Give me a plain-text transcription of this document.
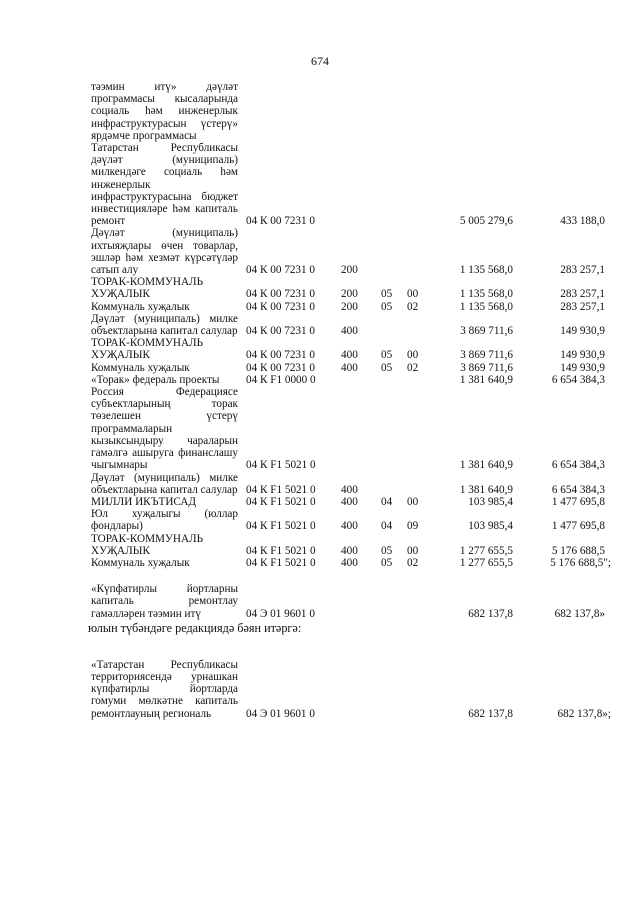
674
тәэмин итү» дәүләт
программасы кысаларында
социаль һәм инженерлык
инфраструктурасын үстерү»
ярдәмче программасы
Татарстан Республикасы
дәүләт (муниципаль)
милкендәге социаль һәм
инженерлык
инфраструктурасына бюджет
инвестицияләре һәм капиталь
ремонт	04 К 00 7231 0	5 005 279,6	433 188,0
Дәүләт (муниципаль)
ихтыяҗлары өчен товарлар,
эшләр һәм хезмәт күрсәтүләр
сатып алу	04 К 00 7231 0 200	1 135 568,0	283 257,1
ТОРАК-КОММУНАЛЬ
ХУҖАЛЫК	04 К 00 7231 0 200 05 00	1 135 568,0	283 257,1
Коммуналь хуҗалык	04 К 00 7231 0 200 05 02	1 135 568,0	283 257,1
Дәүләт (муниципаль) милке
объектларына капитал салулар 04 К 00 7231 0 400	3 869 711,6	149 930,9
ТОРАК-КОММУНАЛЬ
ХУҖАЛЫК	04 К 00 7231 0 400 05 00	3 869 711,6	149 930,9
Коммуналь хуҗалык	04 К 00 7231 0 400 05 02	3 869 711,6	149 930,9
«Торак» федераль проекты	04 К F1 0000 0	1 381 640,9	6 654 384,3
Россия Федерациясе
субъектларының торак
төзелешен үстерү
программаларын
кызыксындыру чараларын
гамәлгә ашыруга финанслашу
чыгымнары	04 К F1 5021 0	1 381 640,9	6 654 384,3
Дәүләт (муниципаль) милке
объектларына капитал салулар 04 К F1 5021 0 400	1 381 640,9	6 654 384,3
МИЛЛИ ИКЪТИСАД	04 К F1 5021 0 400 04 00	103 985,4	1 477 695,8
Юл хуҗалыгы (юллар
фондлары)	04 К F1 5021 0 400 04 09	103 985,4	1 477 695,8
ТОРАК-КОММУНАЛЬ
ХУҖАЛЫК	04 К F1 5021 0 400 05 00	1 277 655,5	5 176 688,5
Коммуналь хуҗалык	04 К F1 5021 0 400 05 02	1 277 655,5	5 176 688,5";
«Күпфатирлы йортларны
капиталь ремонтлау
гамәлләрен тәэмин итү	04 Э 01 9601 0	682 137,8	682 137,8»
юлын түбәндәге редакциядә бәян итәргә:
«Татарстан Республикасы
территориясендә урнашкан
күпфатирлы йортларда
гомуми мөлкәтне капиталь
ремонтлауның региональ	04 Э 01 9601 0	682 137,8	682 137,8»;
